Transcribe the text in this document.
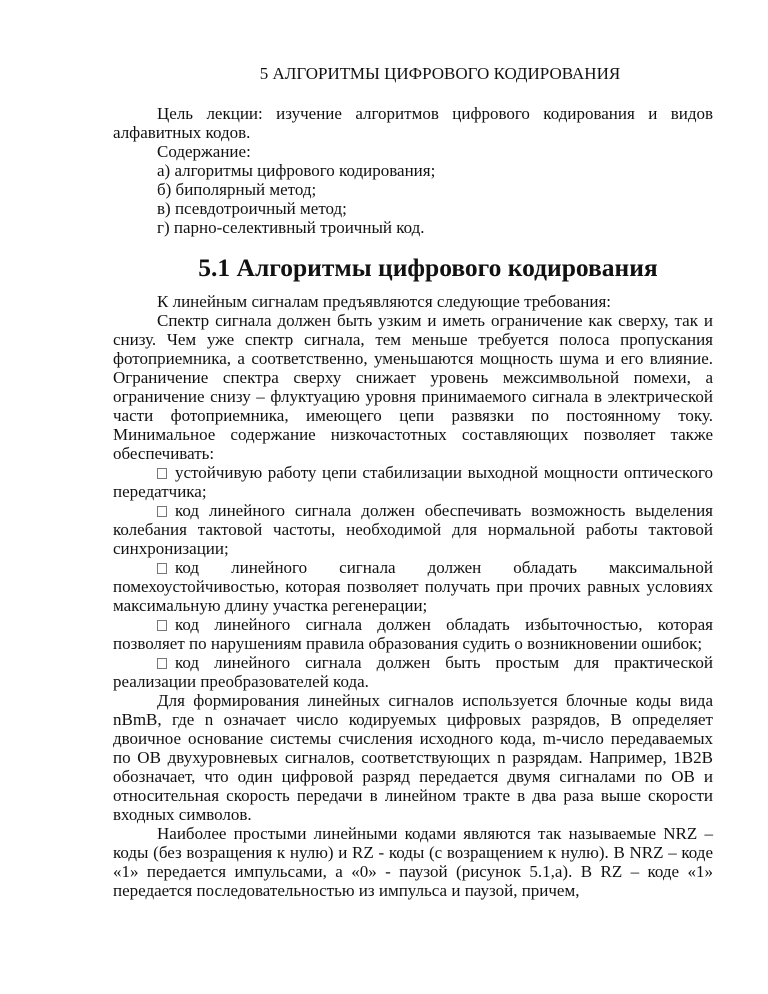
5 АЛГОРИТМЫ ЦИФРОВОГО КОДИРОВАНИЯ

Цель лекции: изучение алгоритмов цифрового кодирования и видов алфавитных кодов.

Содержание:

а) алгоритмы цифрового кодирования;

б) биполярный метод;

в) псевдотроичный метод;

г) парно-селективный троичный код.

5.1 Алгоритмы цифрового кодирования

К линейным сигналам предъявляются следующие требования:

Спектр сигнала должен быть узким и иметь ограничение как сверху, так и снизу. Чем уже спектр сигнала, тем меньше требуется полоса пропускания фотоприемника, а соответственно, уменьшаются мощность шума и его влияние. Ограничение спектра сверху снижает уровень межсимвольной помехи, а ограничение снизу – флуктуацию уровня принимаемого сигнала в электрической части фотоприемника, имеющего цепи развязки по постоянному току. Минимальное содержание низкочастотных составляющих позволяет также обеспечивать:

устойчивую работу цепи стабилизации выходной мощности оптического передатчика;

код линейного сигнала должен обеспечивать возможность выделения колебания тактовой частоты, необходимой для нормальной работы тактовой синхронизации;

код линейного сигнала должен обладать максимальной помехоустойчивостью, которая позволяет получать при прочих равных условиях максимальную длину участка регенерации;

код линейного сигнала должен обладать избыточностью, которая позволяет по нарушениям правила образования судить о возникновении ошибок;

код линейного сигнала должен быть простым для практической реализации преобразователей кода.

Для формирования линейных сигналов используется блочные коды вида nBmB, где n означает число кодируемых цифровых разрядов, В определяет двоичное основание системы счисления исходного кода, m-число передаваемых по ОВ двухуровневых сигналов, соответствующих n разрядам. Например, 1B2B обозначает, что один цифровой разряд передается двумя сигналами по ОВ и относительная скорость передачи в линейном тракте в два раза выше скорости входных символов.

Наиболее простыми линейными кодами являются так называемые NRZ – коды (без возращения к нулю) и RZ - коды (с возращением к нулю). В NRZ – коде «1» передается импульсами, а «0» - паузой (рисунок 5.1,а). В RZ – коде «1» передается последовательностью из импульса и паузой, причем,
